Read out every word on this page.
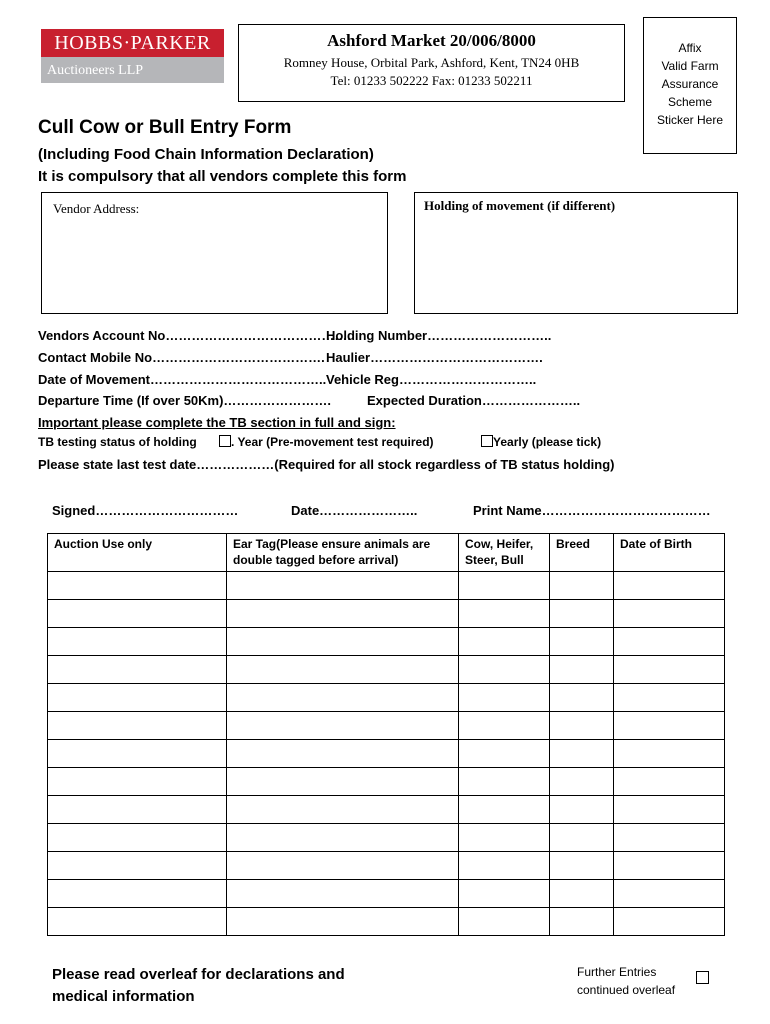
HOBBS·PARKER
Auctioneers LLP
Ashford Market 20/006/8000
Romney House, Orbital Park, Ashford, Kent, TN24 0HB
Tel: 01233 502222 Fax: 01233 502211
Affix
Valid Farm
Assurance
Scheme
Sticker Here
Cull Cow or Bull Entry Form
(Including Food Chain Information Declaration)
It is compulsory that all vendors complete this form
Vendor Address:	Holding of movement (if different)
Vendors Account No…………………………………….
Holding Number………………………..
Contact Mobile No…………………………………. Haulier………………………………….
Date of Movement………………………………….. Vehicle Reg…………………………..
Departure Time (If over 50Km)…………………….	Expected Duration…………………..
Important please complete the TB section in full and sign:
TB testing status of holding	. Year (Pre-movement test required)	Yearly (please tick)
Please state last test date………………(Required for all stock regardless of TB status holding)
Signed……………………………	Date…………………..	Print Name…………………………………
Auction Use only	Ear Tag(Please ensure animals are double tagged before arrival)	Cow, Heifer, Steer, Bull	Breed	Date of Birth

Please read overleaf for declarations and medical information
Further Entries continued overleaf
